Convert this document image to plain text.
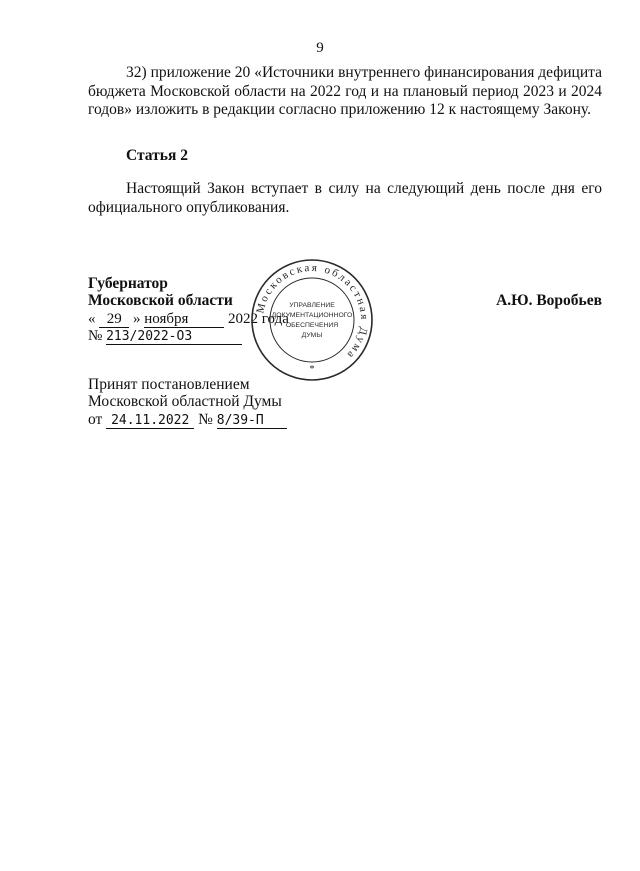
9
32) приложение 20 «Источники внутреннего финансирования дефицита бюджета Московской области на 2022 год и на плановый период 2023 и 2024 годов» изложить в редакции согласно приложению 12 к настоящему Закону.
Статья 2
Настоящий Закон вступает в силу на следующий день после дня его официального опубликования.
Губернатор
Московской области	А.Ю. Воробьев
« 29 » ноября	2022 года
№ 213/2022-ОЗ
Принят постановлением
Московской областной Думы
от 24.11.2022 № 8/39-П
Московская областная Дума
УПРАВЛЕНИЕ
ДОКУМЕНТАЦИОННОГО
ОБЕСПЕЧЕНИЯ
ДУМЫ
*
